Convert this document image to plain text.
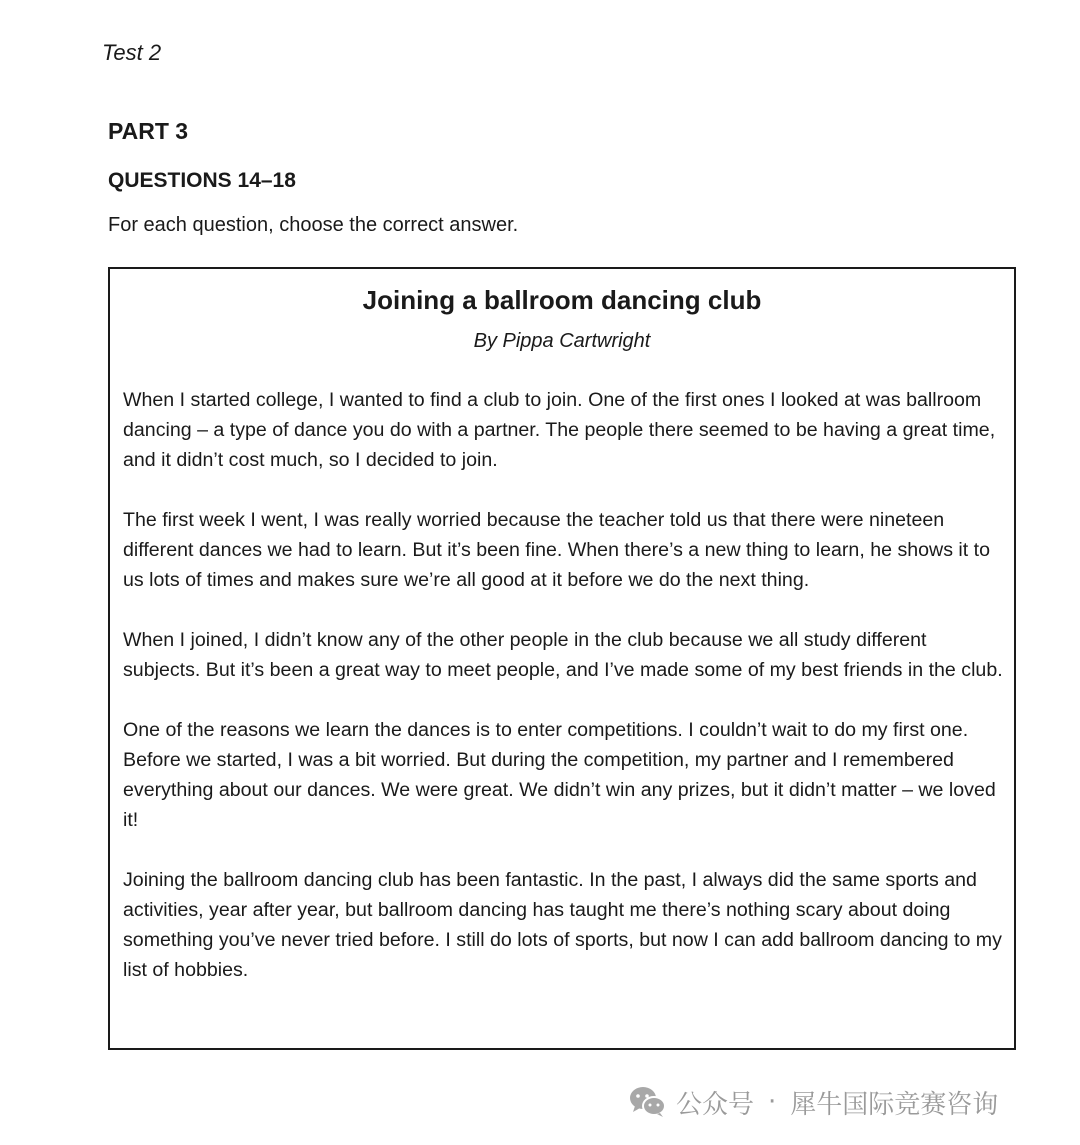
Test 2
PART 3
QUESTIONS 14–18
For each question, choose the correct answer.
Joining a ballroom dancing club
By Pippa Cartwright

When I started college, I wanted to find a club to join. One of the first ones I looked at was ballroom dancing – a type of dance you do with a partner. The people there seemed to be having a great time, and it didn’t cost much, so I decided to join.

The first week I went, I was really worried because the teacher told us that there were nineteen different dances we had to learn. But it’s been fine. When there’s a new thing to learn, he shows it to us lots of times and makes sure we’re all good at it before we do the next thing.

When I joined, I didn’t know any of the other people in the club because we all study different subjects. But it’s been a great way to meet people, and I’ve made some of my best friends in the club.

One of the reasons we learn the dances is to enter competitions. I couldn’t wait to do my first one. Before we started, I was a bit worried. But during the competition, my partner and I remembered everything about our dances. We were great. We didn’t win any prizes, but it didn’t matter – we loved it!

Joining the ballroom dancing club has been fantastic. In the past, I always did the same sports and activities, year after year, but ballroom dancing has taught me there’s nothing scary about doing something you’ve never tried before. I still do lots of sports, but now I can add ballroom dancing to my list of hobbies.

公众号 · 犀牛国际竞赛咨询
